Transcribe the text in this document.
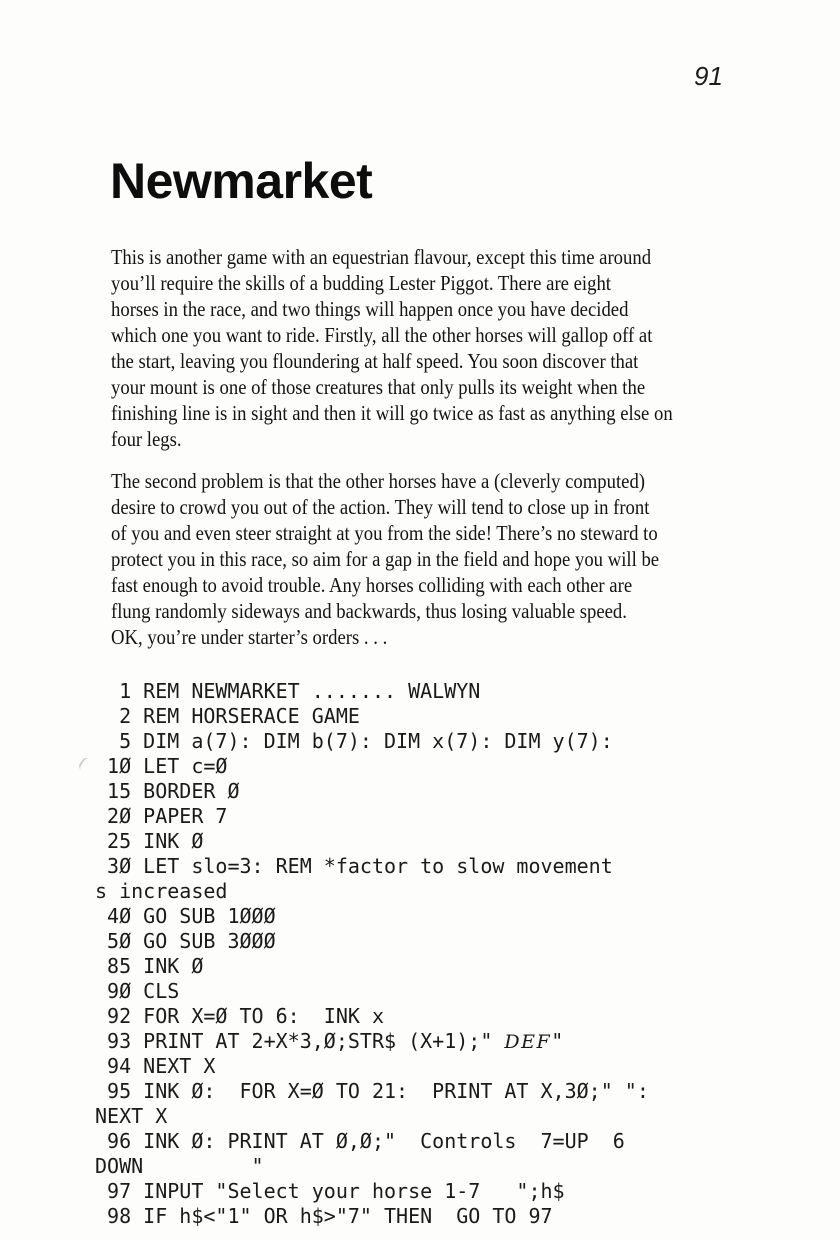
91
Newmarket
This is another game with an equestrian flavour, except this time around
you’ll require the skills of a budding Lester Piggot. There are eight
horses in the race, and two things will happen once you have decided
which one you want to ride. Firstly, all the other horses will gallop off at
the start, leaving you floundering at half speed. You soon discover that
your mount is one of those creatures that only pulls its weight when the
finishing line is in sight and then it will go twice as fast as anything else on
four legs.
The second problem is that the other horses have a (cleverly computed)
desire to crowd you out of the action. They will tend to close up in front
of you and even steer straight at you from the side! There’s no steward to
protect you in this race, so aim for a gap in the field and hope you will be
fast enough to avoid trouble. Any horses colliding with each other are
flung randomly sideways and backwards, thus losing valuable speed.
OK, you’re under starter’s orders . . .
1 REM NEWMARKET ....... WALWYN
2 REM HORSERACE GAME
5 DIM a(7): DIM b(7): DIM x(7): DIM y(7):
1Ø LET c=Ø
15 BORDER Ø
2Ø PAPER 7
25 INK Ø
3Ø LET slo=3: REM *factor to slow movement
s increased
4Ø GO SUB 1ØØØ
5Ø GO SUB 3ØØØ
85 INK Ø
9Ø CLS
92 FOR X=Ø TO 6:  INK x
93 PRINT AT 2+X*3,Ø;STR$ (X+1);" DEF"
94 NEXT X
95 INK Ø:  FOR X=Ø TO 21:  PRINT AT X,3Ø;" ":
NEXT X
96 INK Ø: PRINT AT Ø,Ø;"  Controls  7=UP  6
DOWN         "
97 INPUT "Select your horse 1-7   ";h$
98 IF h$<"1" OR h$>"7" THEN  GO TO 97
